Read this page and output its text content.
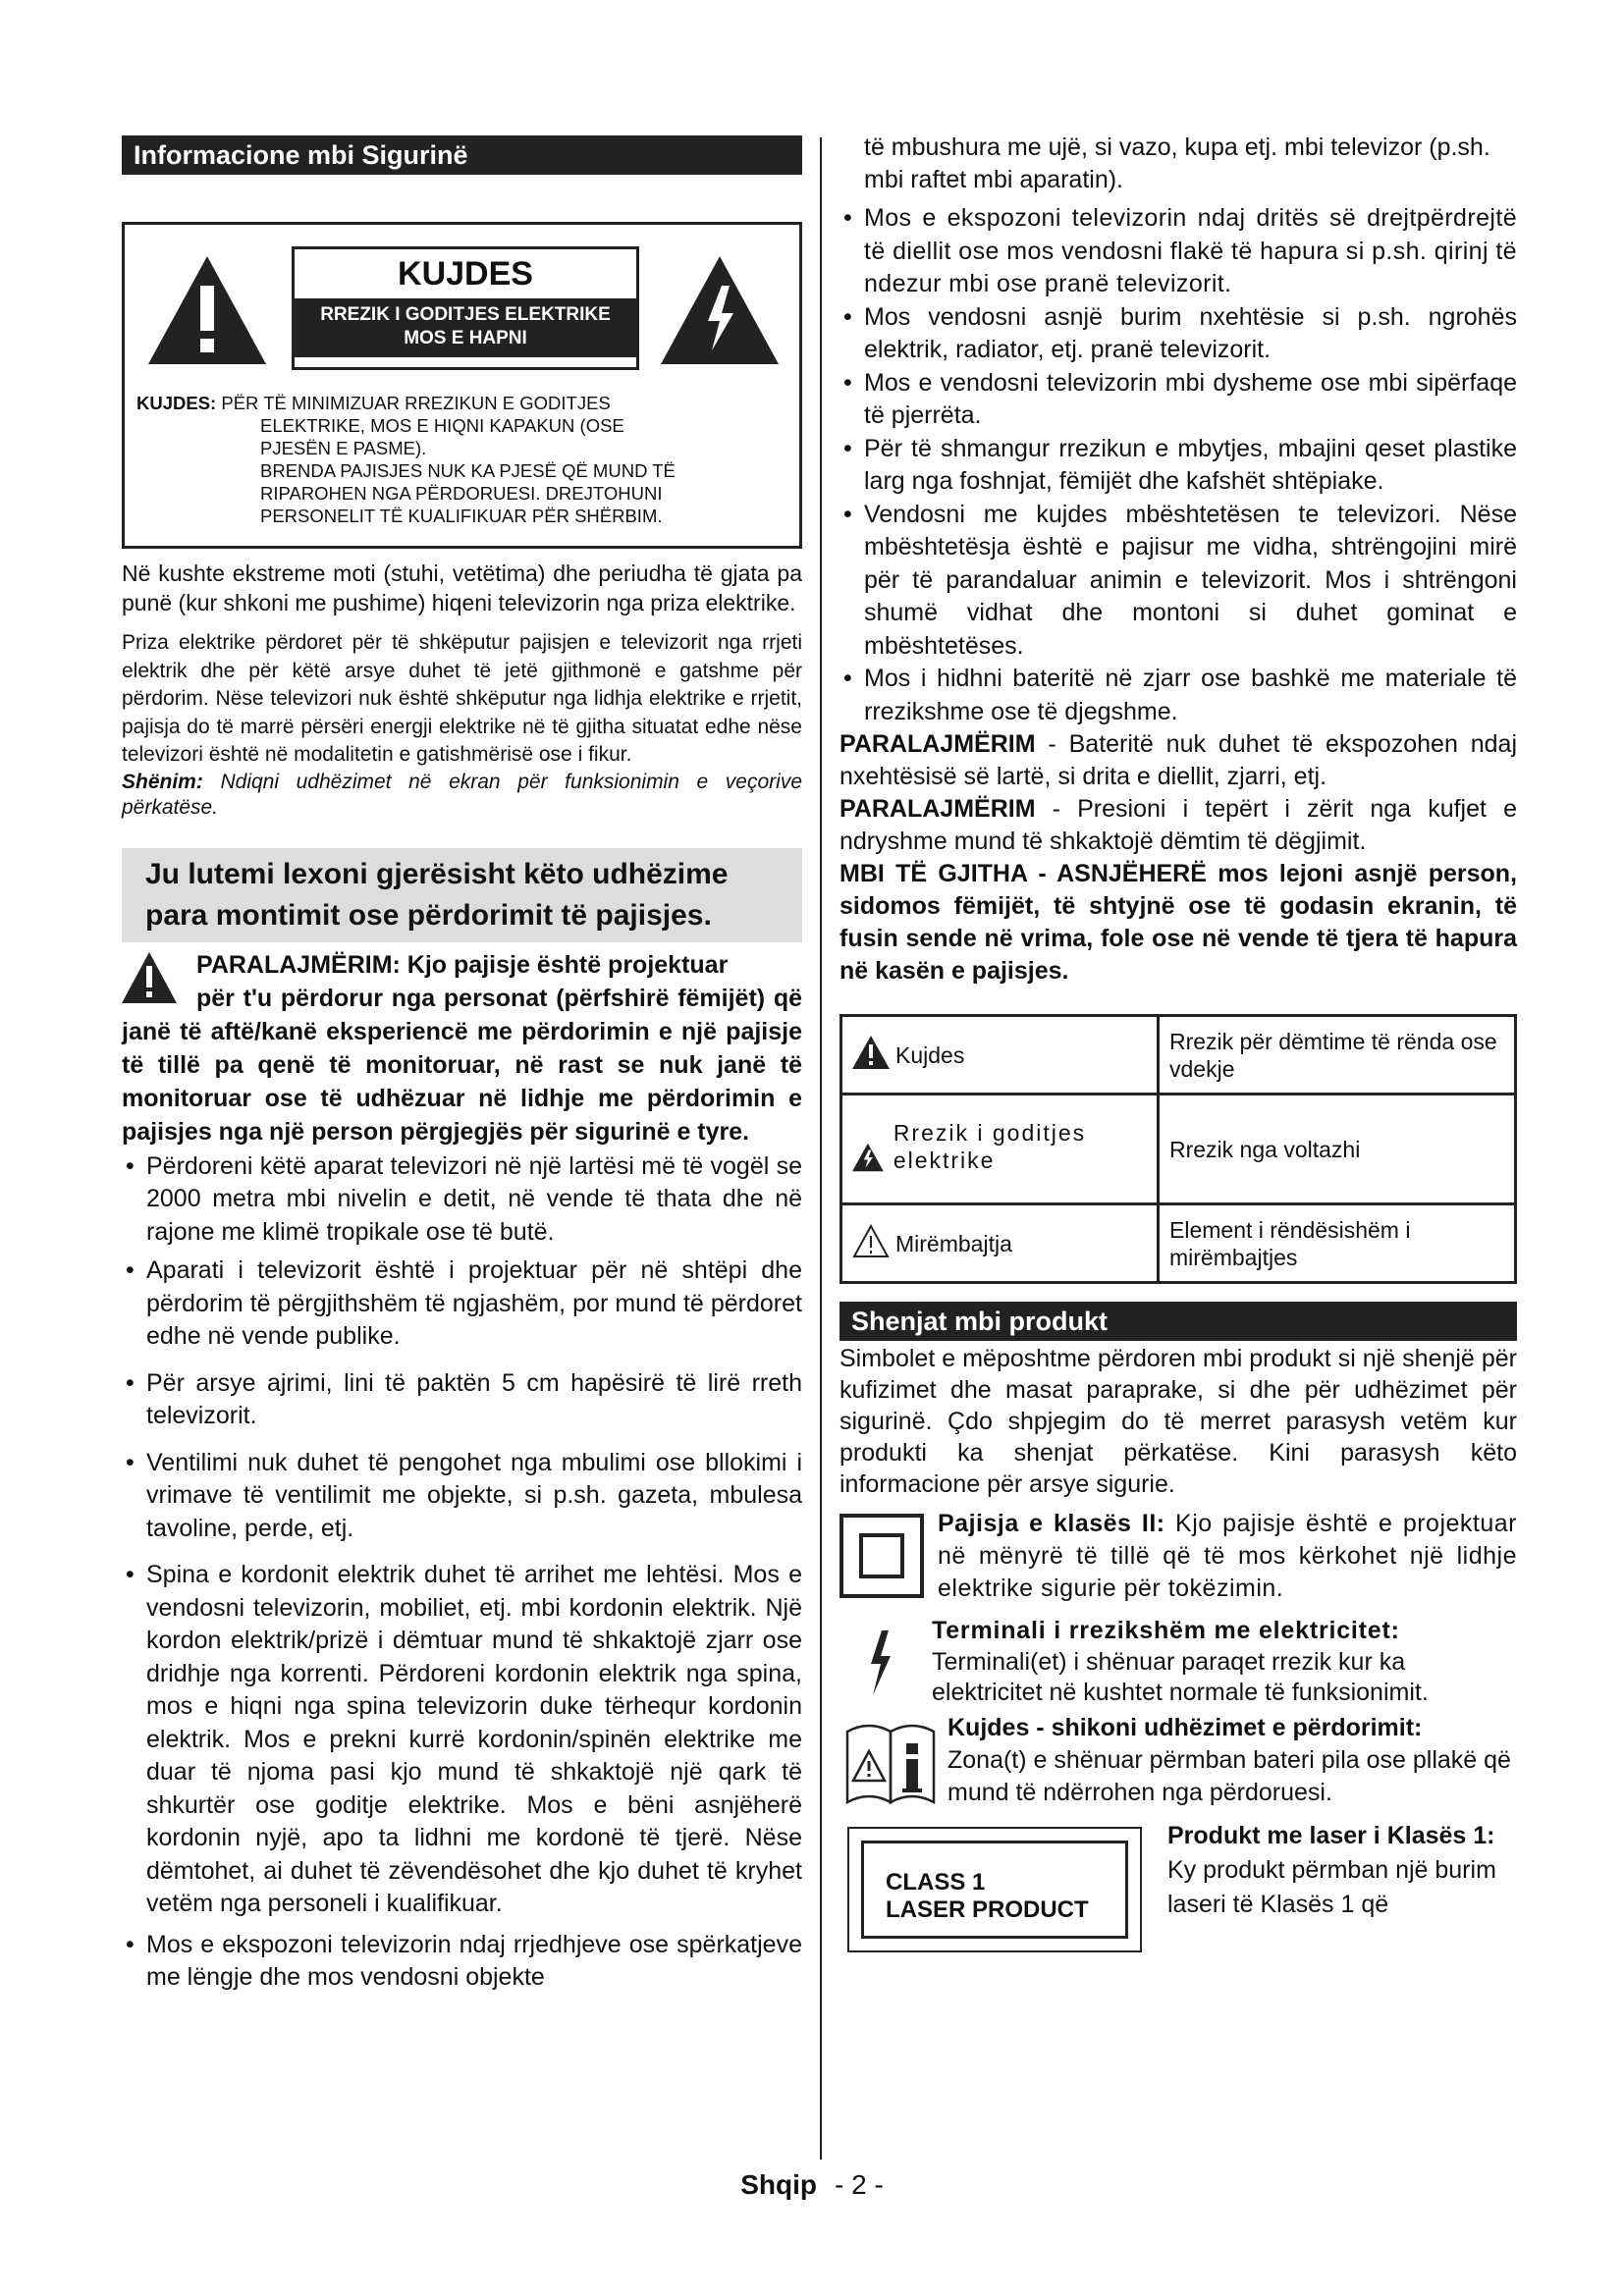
Informacione mbi Sigurinë
KUJDES
RREZIK I GODITJES ELEKTRIKE
MOS E HAPNI
KUJDES: PËR TË MINIMIZUAR RREZIKUN E GODITJES
ELEKTRIKE, MOS E HIQNI KAPAKUN (OSE
PJESËN E PASME).
BRENDA PAJISJES NUK KA PJESË QË MUND TË
RIPAROHEN NGA PËRDORUESI. DREJTOHUNI
PERSONELIT TË KUALIFIKUAR PËR SHËRBIM.

Në kushte ekstreme moti (stuhi, vetëtima) dhe periudha të gjata pa punë (kur shkoni me pushime) hiqeni televizorin nga priza elektrike.

Priza elektrike përdoret për të shkëputur pajisjen e televizorit nga rrjeti elektrik dhe për këtë arsye duhet të jetë gjithmonë e gatshme për përdorim. Nëse televizori nuk është shkëputur nga lidhja elektrike e rrjetit, pajisja do të marrë përsëri energji elektrike në të gjitha situatat edhe nëse televizori është në modalitetin e gatishmërisë ose i fikur.

Shënim: Ndiqni udhëzimet në ekran për funksionimin e veçorive përkatëse.

Ju lutemi lexoni gjerësisht këto udhëzime para montimit ose përdorimit të pajisjes.

PARALAJMËRIM: Kjo pajisje është projektuar

për t'u përdorur nga personat (përfshirë fëmijët) që janë të aftë/kanë eksperiencë me përdorimin e një pajisje të tillë pa qenë të monitoruar, në rast se nuk janë të monitoruar ose të udhëzuar në lidhje me përdorimin e pajisjes nga një person përgjegjës për sigurinë e tyre.

• Përdoreni këtë aparat televizori në një lartësi më të vogël se 2000 metra mbi nivelin e detit, në vende të thata dhe në rajone me klimë tropikale ose të butë.
• Aparati i televizorit është i projektuar për në shtëpi dhe përdorim të përgjithshëm të ngjashëm, por mund të përdoret edhe në vende publike.
• Për arsye ajrimi, lini të paktën 5 cm hapësirë të lirë rreth televizorit.
• Ventilimi nuk duhet të pengohet nga mbulimi ose bllokimi i vrimave të ventilimit me objekte, si p.sh. gazeta, mbulesa tavoline, perde, etj.
• Spina e kordonit elektrik duhet të arrihet me lehtësi. Mos e vendosni televizorin, mobiliet, etj. mbi kordonin elektrik. Një kordon elektrik/prizë i dëmtuar mund të shkaktojë zjarr ose dridhje nga korrenti. Përdoreni kordonin elektrik nga spina, mos e hiqni nga spina televizorin duke tërhequr kordonin elektrik. Mos e prekni kurrë kordonin/spinën elektrike me duar të njoma pasi kjo mund të shkaktojë një qark të shkurtër ose goditje elektrike. Mos e bëni asnjëherë kordonin nyjë, apo ta lidhni me kordonë të tjerë. Nëse dëmtohet, ai duhet të zëvendësohet dhe kjo duhet të kryhet vetëm nga personeli i kualifikuar.
• Mos e ekspozoni televizorin ndaj rrjedhjeve ose spërkatjeve me lëngje dhe mos vendosni objekte

të mbushura me ujë, si vazo, kupa etj. mbi televizor (p.sh. mbi raftet mbi aparatin).

• Mos e ekspozoni televizorin ndaj dritës së drejtpërdrejtë të diellit ose mos vendosni flakë të hapura si p.sh. qirinj të ndezur mbi ose pranë televizorit.
• Mos vendosni asnjë burim nxehtësie si p.sh. ngrohës elektrik, radiator, etj. pranë televizorit.
• Mos e vendosni televizorin mbi dysheme ose mbi sipërfaqe të pjerrëta.
• Për të shmangur rrezikun e mbytjes, mbajini qeset plastike larg nga foshnjat, fëmijët dhe kafshët shtëpiake.
• Vendosni me kujdes mbështetësen te televizori. Nëse mbështetësja është e pajisur me vidha, shtrëngojini mirë për të parandaluar animin e televizorit. Mos i shtrëngoni shumë vidhat dhe montoni si duhet gominat e mbështetëses.
• Mos i hidhni bateritë në zjarr ose bashkë me materiale të rrezikshme ose të djegshme.

PARALAJMËRIM - Bateritë nuk duhet të ekspozohen ndaj nxehtësisë së lartë, si drita e diellit, zjarri, etj.

PARALAJMËRIM - Presioni i tepërt i zërit nga kufjet e ndryshme mund të shkaktojë dëmtim të dëgjimit.

MBI TË GJITHA - ASNJËHERË mos lejoni asnjë person, sidomos fëmijët, të shtyjnë ose të godasin ekranin, të fusin sende në vrima, fole ose në vende të tjera të hapura në kasën e pajisjes.

Kujdes	Rrezik për dëmtime të rënda ose vdekje

Rrezik i goditjes elektrike	Rrezik nga voltazhi

Mirëmbajtja	Element i rëndësishëm i mirëmbajtjes
Shenjat mbi produkt

Simbolet e mëposhtme përdoren mbi produkt si një shenjë për kufizimet dhe masat paraprake, si dhe për udhëzimet për sigurinë. Çdo shpjegim do të merret parasysh vetëm kur produkti ka shenjat përkatëse. Kini parasysh këto informacione për arsye sigurie.

Pajisja e klasës II: Kjo pajisje është e projektuar në mënyrë të tillë që të mos kërkohet një lidhje elektrike sigurie për tokëzimin.

Terminali i rrezikshëm me elektricitet:

Terminali(et) i shënuar paraqet rrezik kur ka elektricitet në kushtet normale të funksionimit.

Kujdes - shikoni udhëzimet e përdorimit:

Zona(t) e shënuar përmban bateri pila ose pllakë që mund të ndërrohen nga përdoruesi.

CLASS 1
LASER PRODUCT

Produkt me laser i Klasës 1: Ky produkt përmban një burim laseri të Klasës 1 që

Shqip - 2 -
